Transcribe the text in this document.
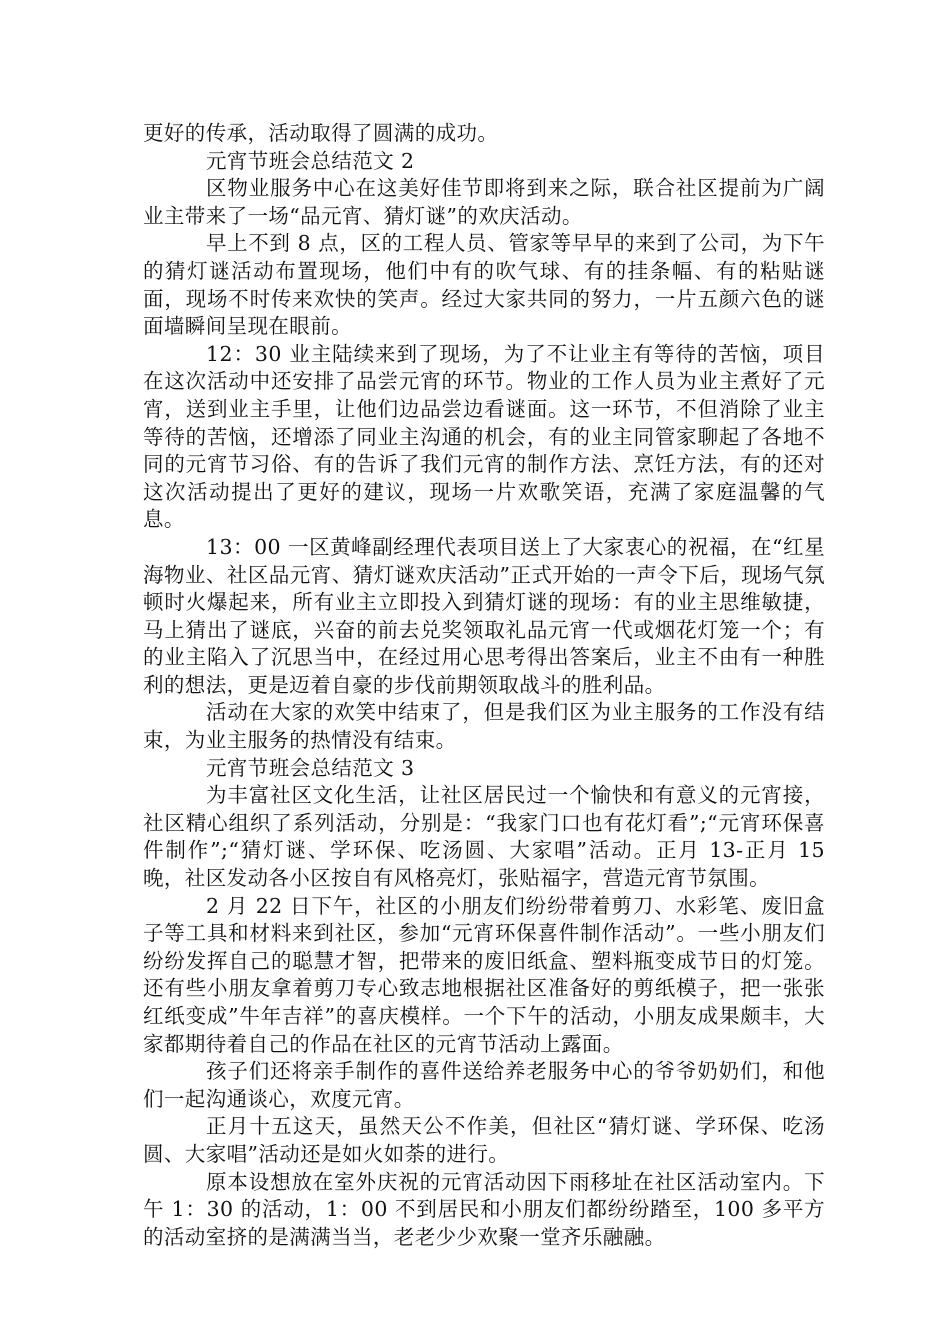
更好的传承，活动取得了圆满的成功。

元宵节班会总结范文 2

区物业服务中心在这美好佳节即将到来之际，联合社区提前为广阔业主带来了一场“品元宵、猜灯谜”的欢庆活动。

早上不到 8 点，区的工程人员、管家等早早的来到了公司，为下午的猜灯谜活动布置现场，他们中有的吹气球、有的挂条幅、有的粘贴谜面，现场不时传来欢快的笑声。经过大家共同的努力，一片五颜六色的谜面墙瞬间呈现在眼前。

12：30 业主陆续来到了现场，为了不让业主有等待的苦恼，项目在这次活动中还安排了品尝元宵的环节。物业的工作人员为业主煮好了元宵，送到业主手里，让他们边品尝边看谜面。这一环节，不但消除了业主等待的苦恼，还增添了同业主沟通的机会，有的业主同管家聊起了各地不同的元宵节习俗、有的告诉了我们元宵的制作方法、烹饪方法，有的还对这次活动提出了更好的建议，现场一片欢歌笑语，充满了家庭温馨的气息。

13：00 一区黄峰副经理代表项目送上了大家衷心的祝福，在“红星海物业、社区品元宵、猜灯谜欢庆活动”正式开始的一声令下后，现场气氛顿时火爆起来，所有业主立即投入到猜灯谜的现场：有的业主思维敏捷，马上猜出了谜底，兴奋的前去兑奖领取礼品元宵一代或烟花灯笼一个；有的业主陷入了沉思当中，在经过用心思考得出答案后，业主不由有一种胜利的想法，更是迈着自豪的步伐前期领取战斗的胜利品。

活动在大家的欢笑中结束了，但是我们区为业主服务的工作没有结束，为业主服务的热情没有结束。

元宵节班会总结范文 3

为丰富社区文化生活，让社区居民过一个愉快和有意义的元宵接，社区精心组织了系列活动，分别是：“我家门口也有花灯看”;“元宵环保喜件制作”;“猜灯谜、学环保、吃汤圆、大家唱”活动。正月 13-正月 15 晚，社区发动各小区按自有风格亮灯，张贴福字，营造元宵节氛围。

2 月 22 日下午，社区的小朋友们纷纷带着剪刀、水彩笔、废旧盒子等工具和材料来到社区，参加“元宵环保喜件制作活动”。一些小朋友们纷纷发挥自己的聪慧才智，把带来的废旧纸盒、塑料瓶变成节日的灯笼。还有些小朋友拿着剪刀专心致志地根据社区准备好的剪纸模子，把一张张红纸变成”牛年吉祥”的喜庆模样。一个下午的活动，小朋友成果颇丰，大家都期待着自己的作品在社区的元宵节活动上露面。

孩子们还将亲手制作的喜件送给养老服务中心的爷爷奶奶们，和他们一起沟通谈心，欢度元宵。

正月十五这天，虽然天公不作美，但社区“猜灯谜、学环保、吃汤圆、大家唱”活动还是如火如荼的进行。

原本设想放在室外庆祝的元宵活动因下雨移址在社区活动室内。下午 1：30 的活动，1：00 不到居民和小朋友们都纷纷踏至，100 多平方的活动室挤的是满满当当，老老少少欢聚一堂齐乐融融。
